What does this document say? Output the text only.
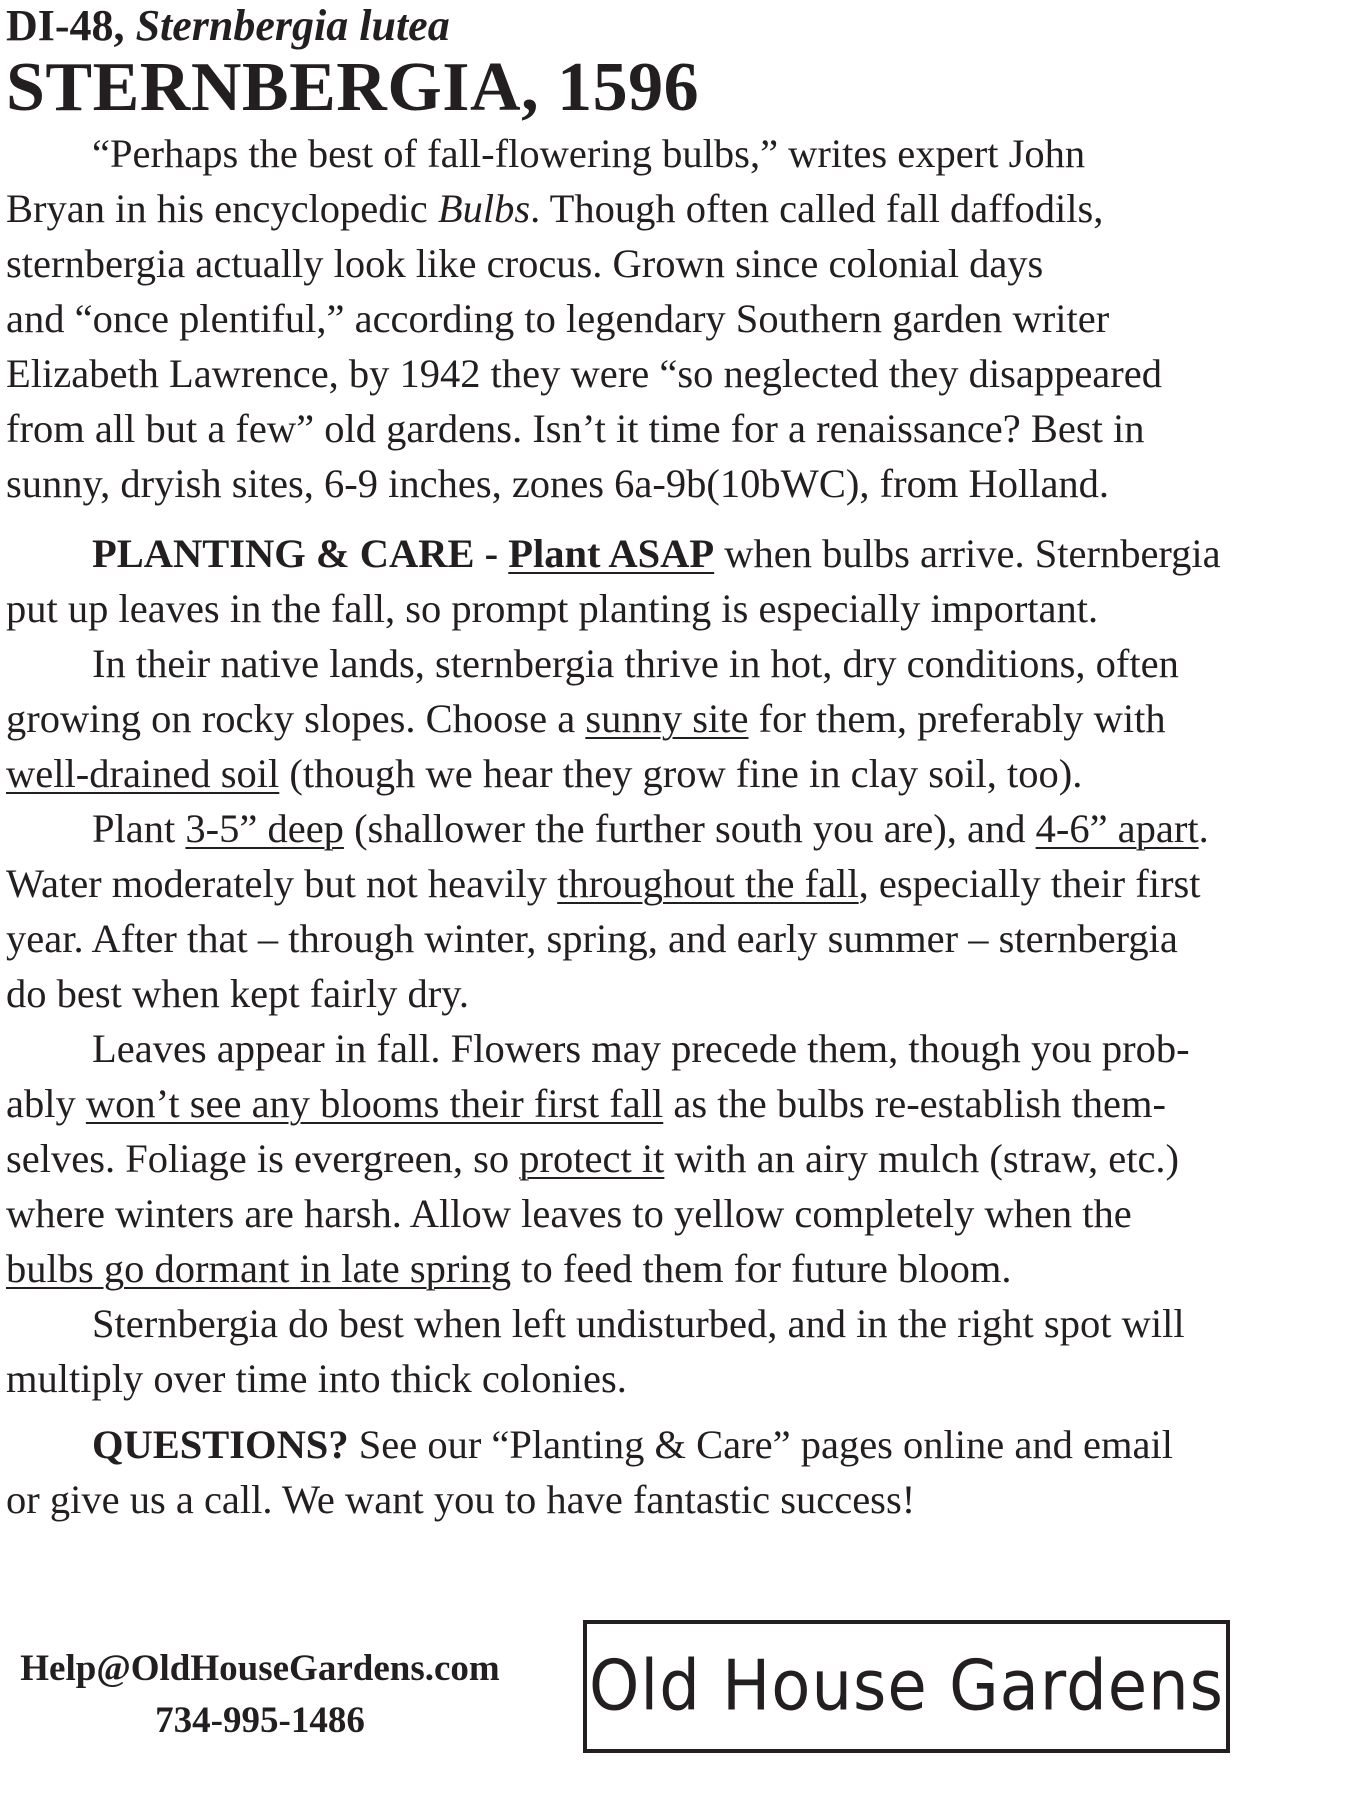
DI-48, Sternbergia lutea

STERNBERGIA, 1596
“Perhaps the best of fall-flowering bulbs,” writes expert John
Bryan in his encyclopedic Bulbs. Though often called fall daffodils,
sternbergia actually look like crocus. Grown since colonial days
and “once plentiful,” according to legendary Southern garden writer
Elizabeth Lawrence, by 1942 they were “so neglected they disappeared
from all but a few” old gardens. Isn’t it time for a renaissance? Best in
sunny, dryish sites, 6-9 inches, zones 6a-9b(10bWC), from Holland.
PLANTING & CARE - Plant ASAP when bulbs arrive. Sternbergia
put up leaves in the fall, so prompt planting is especially important.
In their native lands, sternbergia thrive in hot, dry conditions, often
growing on rocky slopes. Choose a sunny site for them, preferably with
well-drained soil (though we hear they grow fine in clay soil, too).
Plant 3-5” deep (shallower the further south you are), and 4-6” apart.
Water moderately but not heavily throughout the fall, especially their first
year. After that – through winter, spring, and early summer – sternbergia
do best when kept fairly dry.
Leaves appear in fall. Flowers may precede them, though you prob-
ably won’t see any blooms their first fall as the bulbs re-establish them-
selves. Foliage is evergreen, so protect it with an airy mulch (straw, etc.)
where winters are harsh. Allow leaves to yellow completely when the
bulbs go dormant in late spring to feed them for future bloom.
Sternbergia do best when left undisturbed, and in the right spot will
multiply over time into thick colonies.
QUESTIONS? See our “Planting & Care” pages online and email
or give us a call. We want you to have fantastic success!
Help@OldHouseGardens.com
734-995-1486	Old House Gardens
